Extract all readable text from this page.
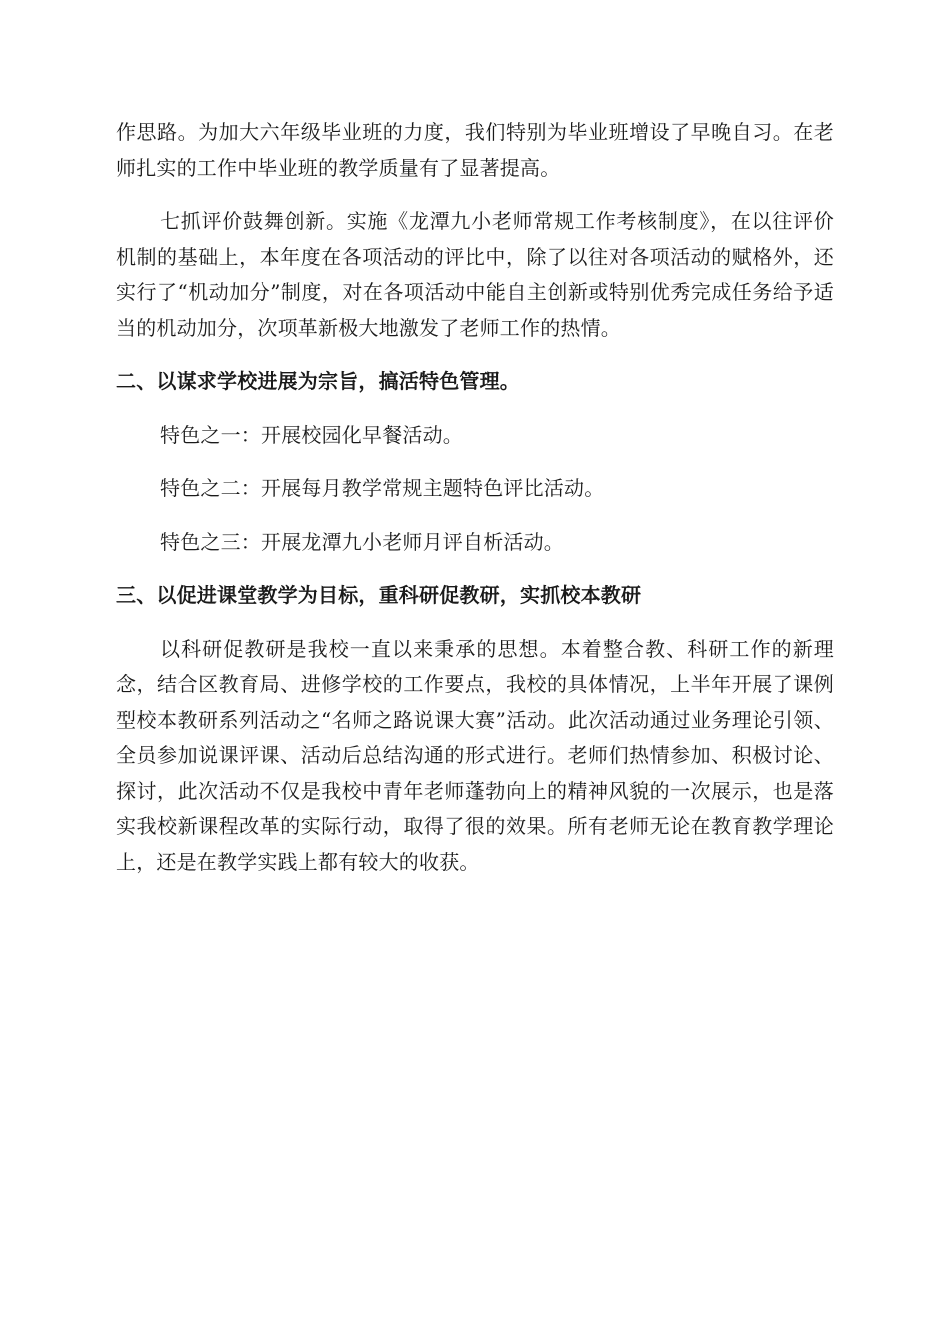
作思路。为加大六年级毕业班的力度，我们特别为毕业班增设了早晚自习。在老师扎实的工作中毕业班的教学质量有了显著提高。

七抓评价鼓舞创新。实施《龙潭九小老师常规工作考核制度》，在以往评价机制的基础上，本年度在各项活动的评比中，除了以往对各项活动的赋格外，还实行了“机动加分”制度，对在各项活动中能自主创新或特别优秀完成任务给予适当的机动加分，次项革新极大地激发了老师工作的热情。

二、以谋求学校进展为宗旨，搞活特色管理。
特色之一：开展校园化早餐活动。
特色之二：开展每月教学常规主题特色评比活动。
特色之三：开展龙潭九小老师月评自析活动。
三、以促进课堂教学为目标，重科研促教研，实抓校本教研

以科研促教研是我校一直以来秉承的思想。本着整合教、科研工作的新理念，结合区教育局、进修学校的工作要点，我校的具体情况，上半年开展了课例型校本教研系列活动之“名师之路说课大赛”活动。此次活动通过业务理论引领、全员参加说课评课、活动后总结沟通的形式进行。老师们热情参加、积极讨论、探讨，此次活动不仅是我校中青年老师蓬勃向上的精神风貌的一次展示，也是落实我校新课程改革的实际行动，取得了很的效果。所有老师无论在教育教学理论上，还是在教学实践上都有较大的收获。
